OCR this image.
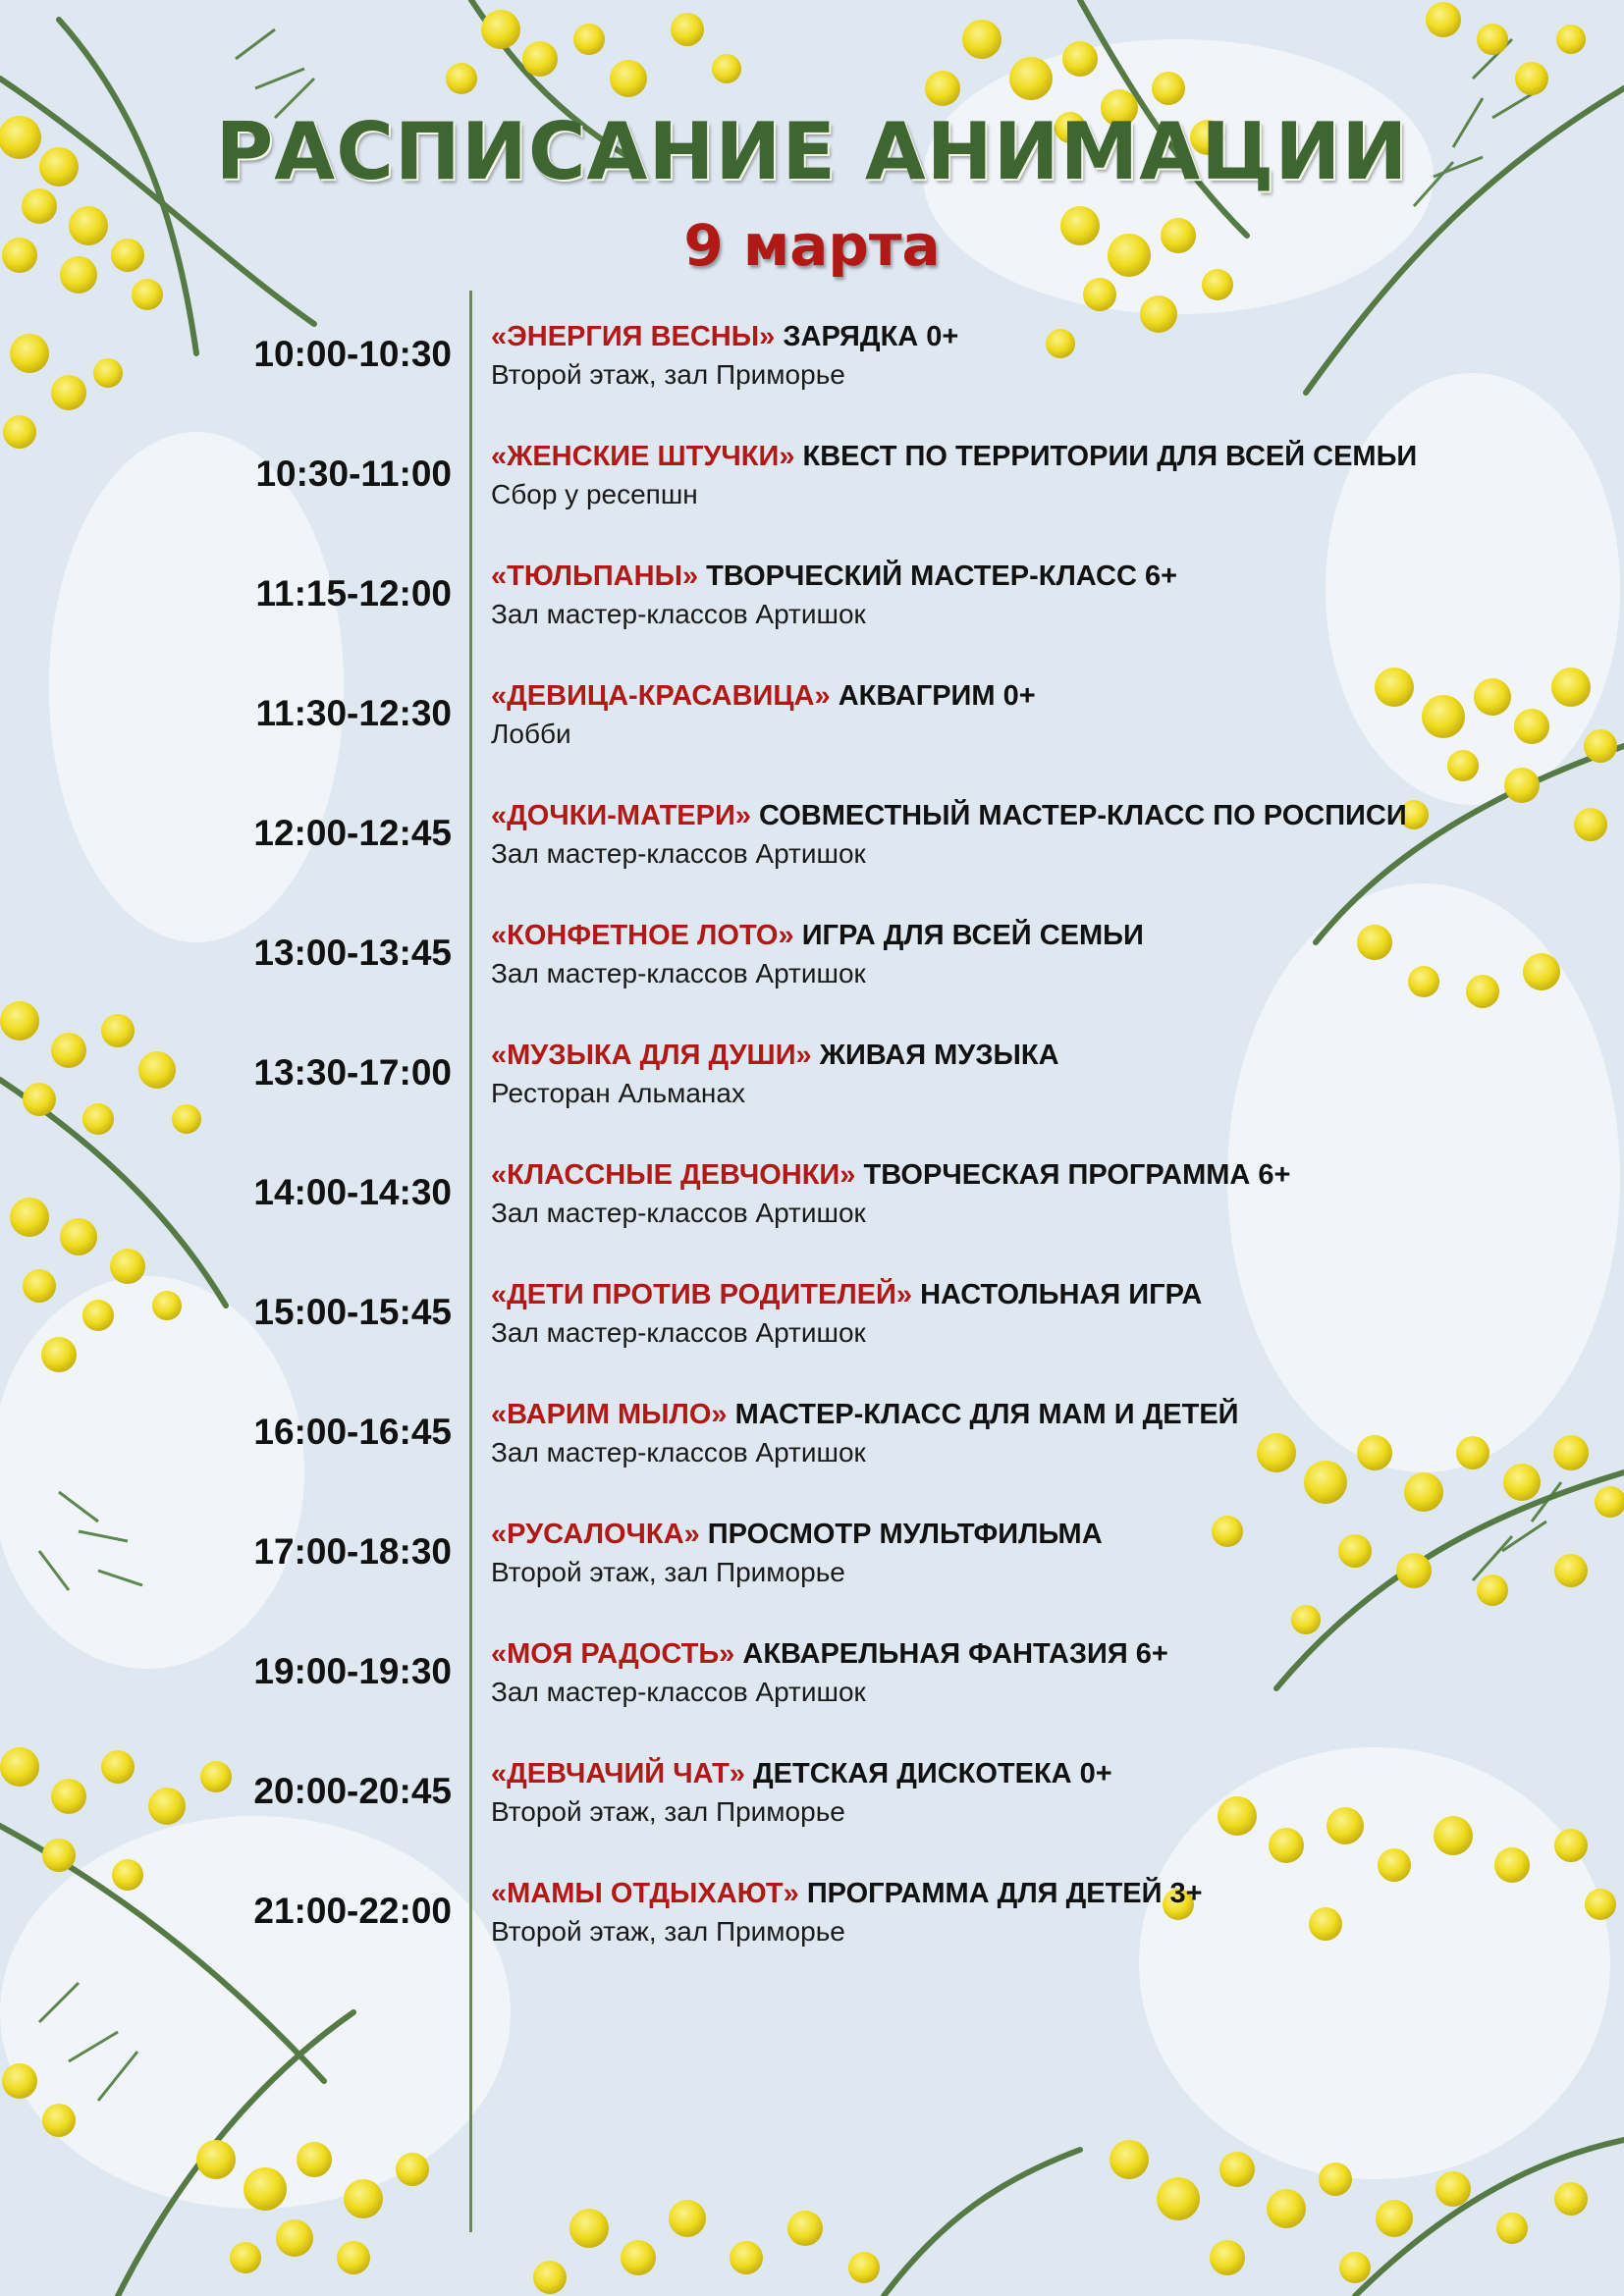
РАСПИСАНИЕ АНИМАЦИИ
9 марта
10:00-10:30 «ЭНЕРГИЯ ВЕСНЫ» ЗАРЯДКА 0+
Второй этаж, зал Приморье
10:30-11:00 «ЖЕНСКИЕ ШТУЧКИ» КВЕСТ ПО ТЕРРИТОРИИ ДЛЯ ВСЕЙ СЕМЬИ
Сбор у ресепшн
11:15-12:00 «ТЮЛЬПАНЫ» ТВОРЧЕСКИЙ МАСТЕР-КЛАСС 6+
Зал мастер-классов Артишок
11:30-12:30 «ДЕВИЦА-КРАСАВИЦА» АКВАГРИМ 0+
Лобби
12:00-12:45 «ДОЧКИ-МАТЕРИ» СОВМЕСТНЫЙ МАСТЕР-КЛАСС ПО РОСПИСИ
Зал мастер-классов Артишок
13:00-13:45 «КОНФЕТНОЕ ЛОТО» ИГРА ДЛЯ ВСЕЙ СЕМЬИ
Зал мастер-классов Артишок
13:30-17:00 «МУЗЫКА ДЛЯ ДУШИ» ЖИВАЯ МУЗЫКА
Ресторан Альманах
14:00-14:30 «КЛАССНЫЕ ДЕВЧОНКИ» ТВОРЧЕСКАЯ ПРОГРАММА 6+
Зал мастер-классов Артишок
15:00-15:45 «ДЕТИ ПРОТИВ РОДИТЕЛЕЙ» НАСТОЛЬНАЯ ИГРА
Зал мастер-классов Артишок
16:00-16:45 «ВАРИМ МЫЛО» МАСТЕР-КЛАСС ДЛЯ МАМ И ДЕТЕЙ
Зал мастер-классов Артишок
17:00-18:30 «РУСАЛОЧКА» ПРОСМОТР МУЛЬТФИЛЬМА
Второй этаж, зал Приморье
19:00-19:30 «МОЯ РАДОСТЬ» АКВАРЕЛЬНАЯ ФАНТАЗИЯ 6+
Зал мастер-классов Артишок
20:00-20:45 «ДЕВЧАЧИЙ ЧАТ» ДЕТСКАЯ ДИСКОТЕКА 0+
Второй этаж, зал Приморье
21:00-22:00 «МАМЫ ОТДЫХАЮТ» ПРОГРАММА ДЛЯ ДЕТЕЙ 3+
Второй этаж, зал Приморье
